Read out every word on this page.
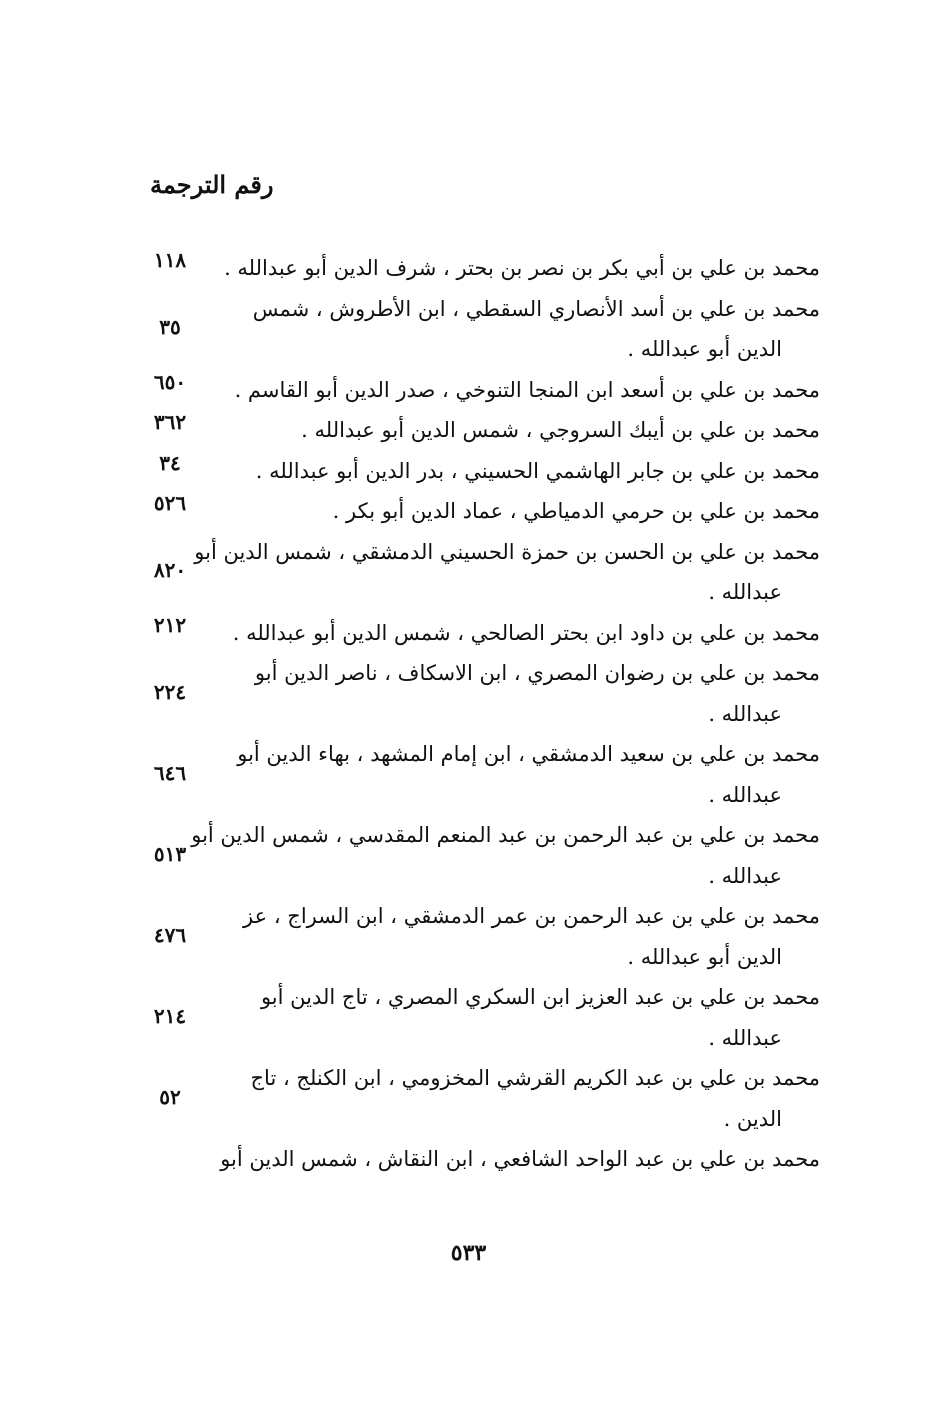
رقم الترجمة
محمد بن علي بن أبي بكر بن نصر بن بحتر ، شرف الدين أبو عبدالله .
١١٨
محمد بن علي بن أسد الأنصاري السقطي ، ابن الأطروش ، شمس
الدين أبو عبدالله .
٣٥
محمد بن علي بن أسعد ابن المنجا التنوخي ، صدر الدين أبو القاسم .
٦٥٠
محمد بن علي بن أيبك السروجي ، شمس الدين أبو عبدالله .
٣٦٢
محمد بن علي بن جابر الهاشمي الحسيني ، بدر الدين أبو عبدالله .
٣٤
محمد بن علي بن حرمي الدمياطي ، عماد الدين أبو بكر .
٥٢٦
محمد بن علي بن الحسن بن حمزة الحسيني الدمشقي ، شمس الدين أبو
عبدالله .
٨٢٠
محمد بن علي بن داود ابن بحتر الصالحي ، شمس الدين أبو عبدالله .
٢١٢
محمد بن علي بن رضوان المصري ، ابن الاسكاف ، ناصر الدين أبو
عبدالله .
٢٢٤
محمد بن علي بن سعيد الدمشقي ، ابن إمام المشهد ، بهاء الدين أبو
عبدالله .
٦٤٦
محمد بن علي بن عبد الرحمن بن عبد المنعم المقدسي ، شمس الدين أبو
عبدالله .
٥١٣
محمد بن علي بن عبد الرحمن بن عمر الدمشقي ، ابن السراج ، عز
الدين أبو عبدالله .
٤٧٦
محمد بن علي بن عبد العزيز ابن السكري المصري ، تاج الدين أبو
عبدالله .
٢١٤
محمد بن علي بن عبد الكريم القرشي المخزومي ، ابن الكنلج ، تاج
الدين .
٥٢
محمد بن علي بن عبد الواحد الشافعي ، ابن النقاش ، شمس الدين أبو
٥٣٣
